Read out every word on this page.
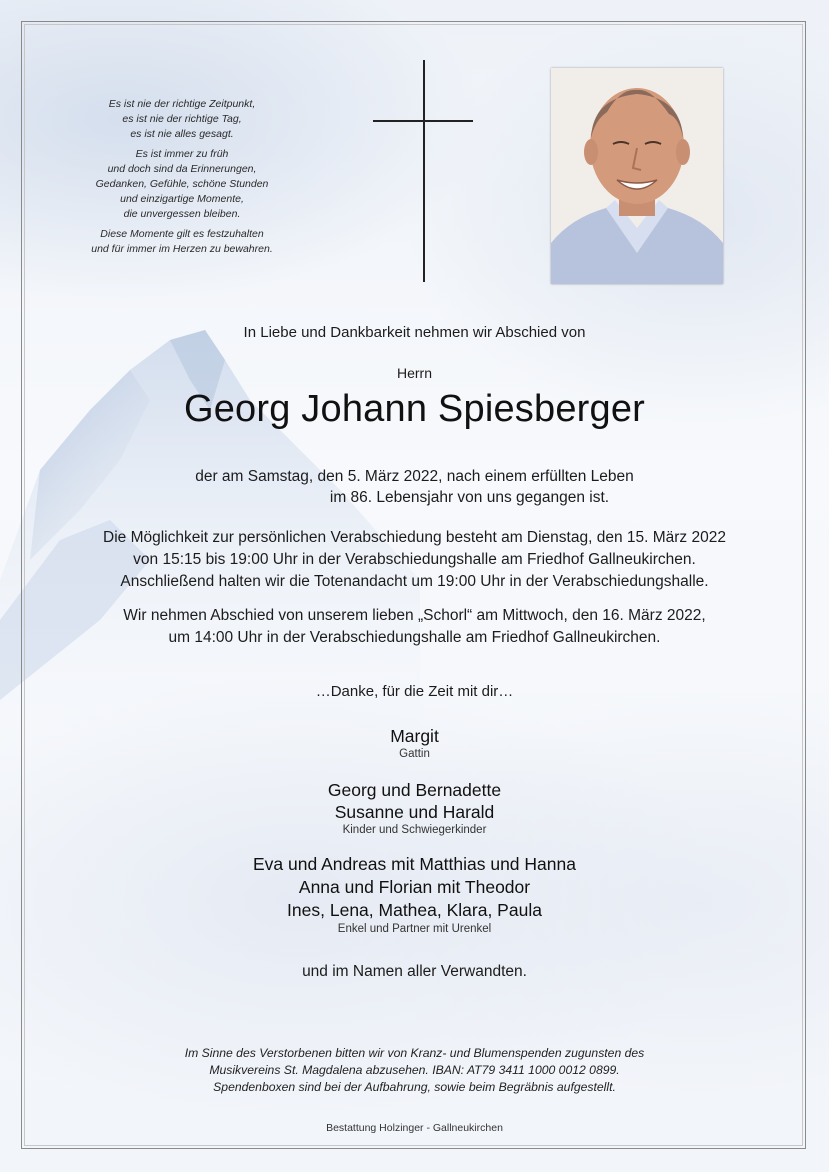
Es ist nie der richtige Zeitpunkt,
es ist nie der richtige Tag,
es ist nie alles gesagt.

Es ist immer zu früh
und doch sind da Erinnerungen,
Gedanken, Gefühle, schöne Stunden
und einzigartige Momente,
die unvergessen bleiben.

Diese Momente gilt es festzuhalten
und für immer im Herzen zu bewahren.

In Liebe und Dankbarkeit nehmen wir Abschied von

Herrn

Georg Johann Spiesberger

der am Samstag, den 5. März 2022, nach einem erfüllten Leben
im 86. Lebensjahr von uns gegangen ist.

Die Möglichkeit zur persönlichen Verabschiedung besteht am Dienstag, den 15. März 2022
von 15:15 bis 19:00 Uhr in der Verabschiedungshalle am Friedhof Gallneukirchen.
Anschließend halten wir die Totenandacht um 19:00 Uhr in der Verabschiedungshalle.

Wir nehmen Abschied von unserem lieben „Schorl“ am Mittwoch, den 16. März 2022,
um 14:00 Uhr in der Verabschiedungshalle am Friedhof Gallneukirchen.

…Danke, für die Zeit mit dir…

Margit
Gattin
Georg und Bernadette
Susanne und Harald
Kinder und Schwiegerkinder
Eva und Andreas mit Matthias und Hanna
Anna und Florian mit Theodor
Ines, Lena, Mathea, Klara, Paula
Enkel und Partner mit Urenkel

und im Namen aller Verwandten.

Im Sinne des Verstorbenen bitten wir von Kranz- und Blumenspenden zugunsten des
Musikvereins St. Magdalena abzusehen. IBAN: AT79 3411 1000 0012 0899.
Spendenboxen sind bei der Aufbahrung, sowie beim Begräbnis aufgestellt.

Bestattung Holzinger - Gallneukirchen
